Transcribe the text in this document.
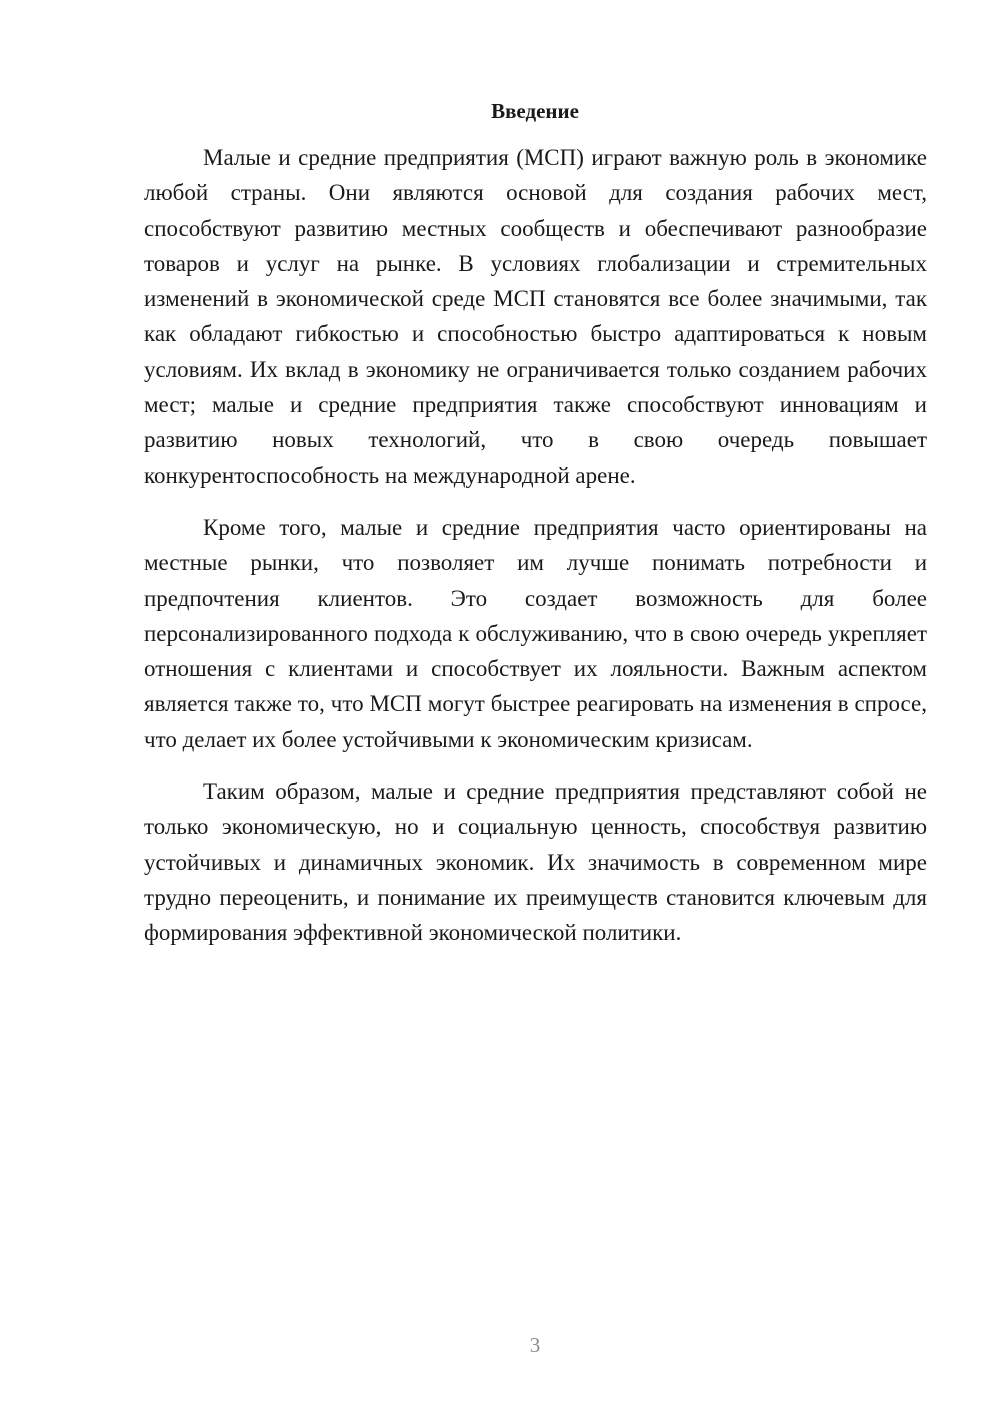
Введение

Малые и средние предприятия (МСП) играют важную роль в экономике любой страны. Они являются основой для создания рабочих мест, способствуют развитию местных сообществ и обеспечивают разнообразие товаров и услуг на рынке. В условиях глобализации и стремительных изменений в экономической среде МСП становятся все более значимыми, так как обладают гибкостью и способностью быстро адаптироваться к новым условиям. Их вклад в экономику не ограничивается только созданием рабочих мест; малые и средние предприятия также способствуют инновациям и развитию новых технологий, что в свою очередь повышает конкурентоспособность на международной арене.

Кроме того, малые и средние предприятия часто ориентированы на местные рынки, что позволяет им лучше понимать потребности и предпочтения клиентов. Это создает возможность для более персонализированного подхода к обслуживанию, что в свою очередь укрепляет отношения с клиентами и способствует их лояльности. Важным аспектом является также то, что МСП могут быстрее реагировать на изменения в спросе, что делает их более устойчивыми к экономическим кризисам.

Таким образом, малые и средние предприятия представляют собой не только экономическую, но и социальную ценность, способствуя развитию устойчивых и динамичных экономик. Их значимость в современном мире трудно переоценить, и понимание их преимуществ становится ключевым для формирования эффективной экономической политики.

3
